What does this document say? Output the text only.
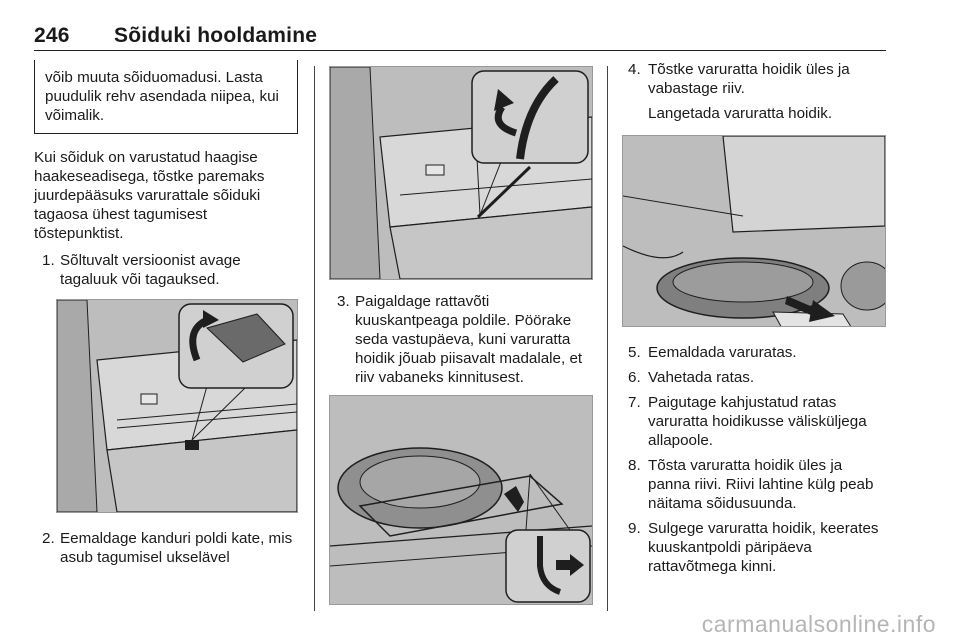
246 Sõiduki hooldamine
võib muuta sõiduomadusi. Lasta puudulik rehv asendada niipea, kui võimalik.

Kui sõiduk on varustatud haagise haakeseadisega, tõstke paremaks juurdepääsuks varurattale sõiduki tagaosa ühest tagumisest tõstepunktist.

1. Sõltuvalt versioonist avage tagaluuk või tagauksed.
2. Eemaldage kanduri poldi kate, mis asub tagumisel ukselävel
3. Paigaldage rattavõti kuuskantpeaga poldile. Pöörake seda vastupäeva, kuni varuratta hoidik jõuab piisavalt madalale, et riiv vabaneks kinnitusest.
4. Tõstke varuratta hoidik üles ja vabastage riiv.
Langetada varuratta hoidik.
5. Eemaldada varuratas.
6. Vahetada ratas.
7. Paigutage kahjustatud ratas varuratta hoidikusse välisküljega allapoole.
8. Tõsta varuratta hoidik üles ja panna riivi. Riivi lahtine külg peab näitama sõidusuunda.
9. Sulgege varuratta hoidik, keerates kuuskantpoldi päripäeva rattavõtmega kinni.
carmanualsonline.info
